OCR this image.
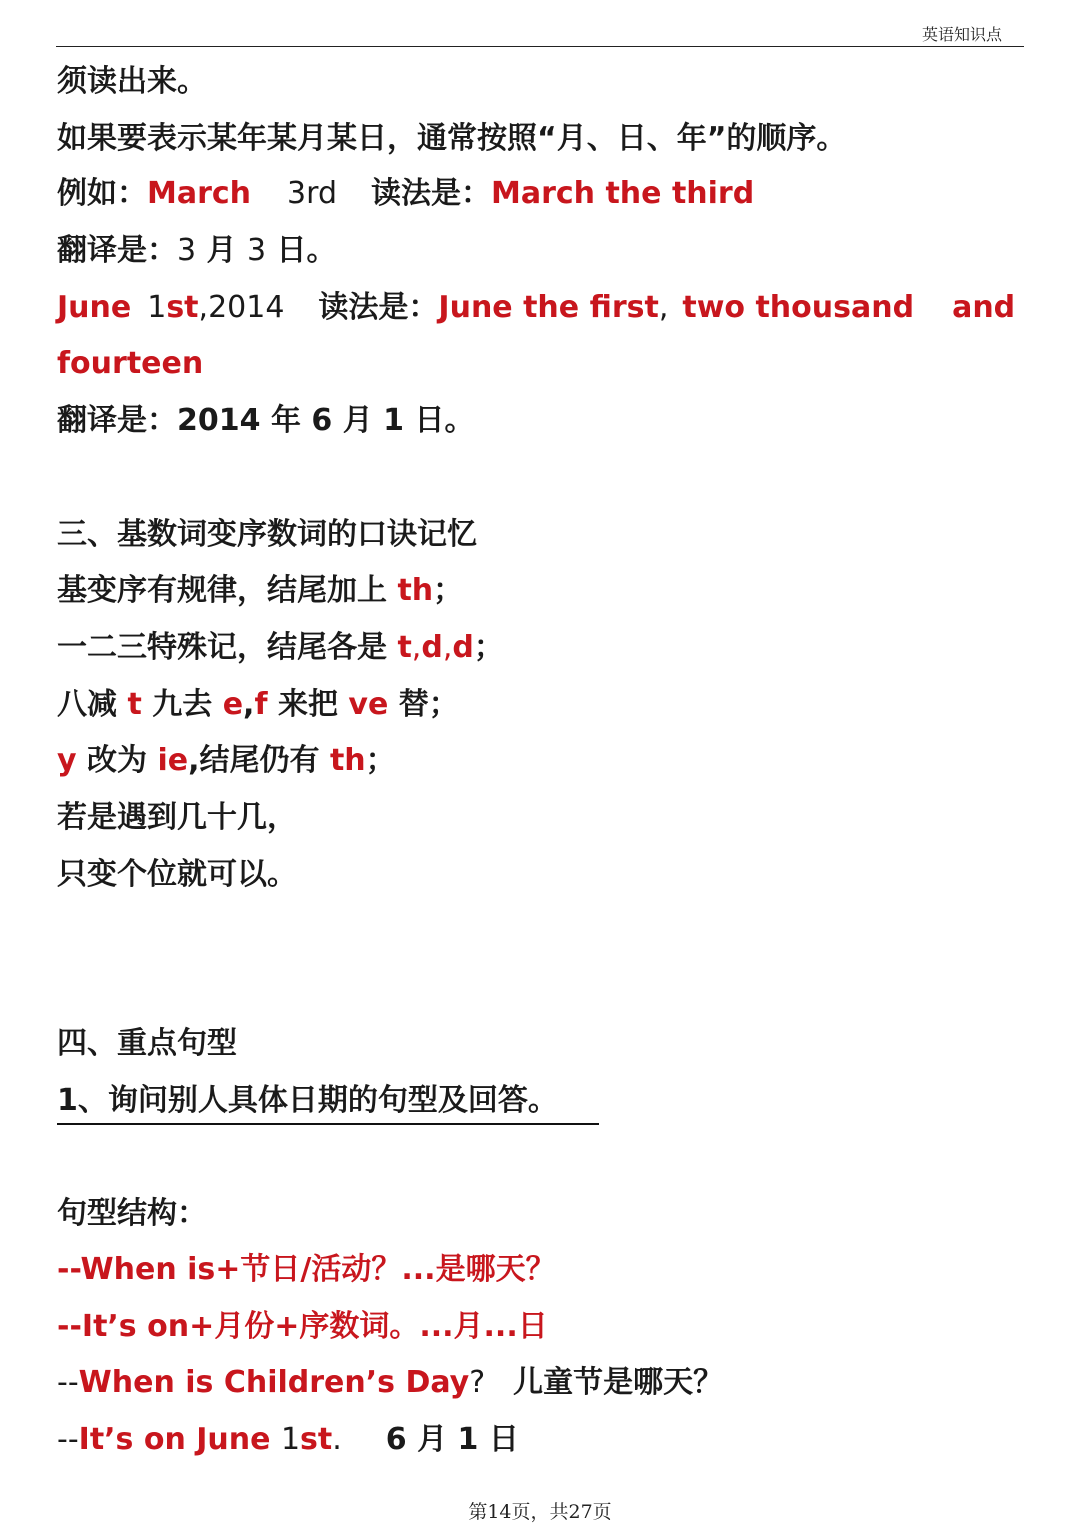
英语知识点
须读出来。
如果要表示某年某月某日，通常按照“月、日、年”的顺序。
例如：March 3rd 读法是：March the third
翻译是：3 月 3 日。
June 1st,2014 读法是：June the first, two thousand and
fourteen
翻译是：2014 年 6 月 1 日。
三、基数词变序数词的口诀记忆
基变序有规律，结尾加上 th；
一二三特殊记，结尾各是 t,d,d；
八减 t 九去 e,f 来把 ve 替；
y 改为 ie,结尾仍有 th；
若是遇到几十几，
只变个位就可以。
四、重点句型
1、询问别人具体日期的句型及回答。
句型结构：
--When is+节日/活动？...是哪天？
--It’s on+月份+序数词。...月...日
--When is Children’s Day? 儿童节是哪天？
--It’s on June 1st. 6 月 1 日
第14页，共27页
